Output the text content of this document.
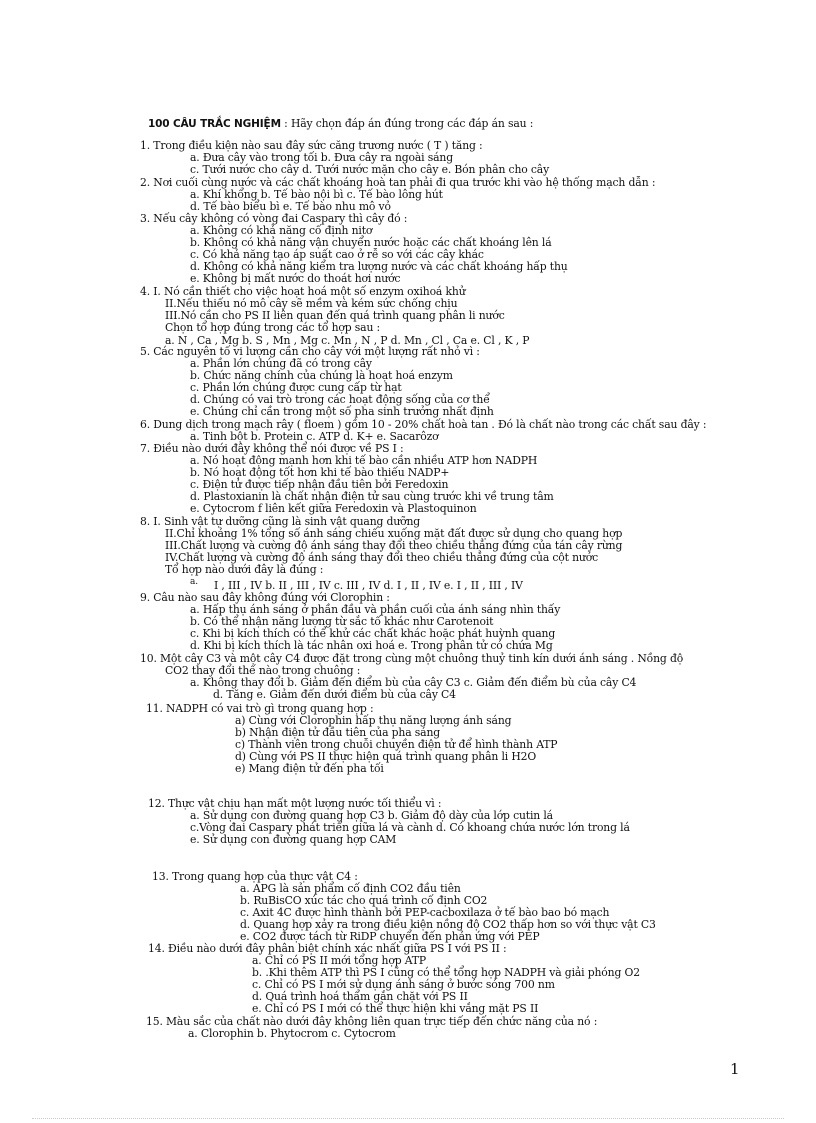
100 CÂU TRẮC NGHIỆM : Hãy chọn đáp án đúng trong các đáp án sau :
1. Trong điều kiện nào sau đây sức căng trương nước ( T ) tăng :
a. Đưa cây vào trong tối b. Đưa cây ra ngoài sáng
c. Tưới nước cho cây d. Tưới nước mặn cho cây e. Bón phân cho cây
2. Nơi cuối cùng nước và các chất khoáng hoà tan phải đi qua trước khi vào hệ thống mạch dẫn :
a. Khí khổng b. Tế bào nội bì c. Tế bào lông hút
d. Tế bào biểu bì e. Tế bào nhu mô vỏ
3. Nếu cây không có vòng đai Caspary thì cây đó :
a. Không có khả năng cố định nitơ
b. Không có khả năng vận chuyển nước hoặc các chất khoáng lên lá
c. Có khả năng tạo áp suất cao ở rễ so với các cây khác
d. Không có khả năng kiểm tra lượng nước và các chất khoáng hấp thụ
e. Không bị mất nước do thoát hơi nước
4. I. Nó cần thiết cho việc hoạt hoá một số enzym oxihoá khử
II.Nếu thiếu nó mô cây sẽ mềm và kém sức chống chịu
III.Nó cần cho PS II liên quan đến quá trình quang phân li nước
Chọn tổ hợp đúng trong các tổ hợp sau :
a. N , Ca , Mg b. S , Mn , Mg c. Mn , N , P d. Mn , Cl , Ca e. Cl , K , P
5. Các nguyên tố vi lượng cần cho cây với một lượng rất nhỏ vì :
a. Phần lớn chúng đã có trong cây
b. Chức năng chính của chúng là hoạt hoá enzym
c. Phần lớn chúng được cung cấp từ hạt
d. Chúng có vai trò trong các hoạt động sống của cơ thể
e. Chúng chỉ cần trong một số pha sinh trưởng nhất định
6. Dung dịch trong mạch rây ( floem ) gồm 10 - 20% chất hoà tan . Đó là chất nào trong các chất sau đây :
a. Tinh bột b. Protein c. ATP d. K+ e. Sacarôzơ
7. Điều nào dưới đây không thể nói được về PS I :
a. Nó hoạt động mạnh hơn khi tế bào cần nhiều ATP hơn NADPH
b. Nó hoạt động tốt hơn khi tế bào thiếu NADP+
c. Điện tử được tiếp nhận đầu tiên bởi Feredoxin
d. Plastoxianin là chất nhận điện tử sau cùng trước khi về trung tâm
e. Cytocrom f liên kết giữa Feredoxin và Plastoquinon
8. I. Sinh vật tự dưỡng cũng là sinh vật quang dưỡng
II.Chỉ khoảng 1% tổng số ánh sáng chiếu xuống mặt đất được sử dụng cho quang hợp
III.Chất lượng và cường độ ánh sáng thay đổi theo chiều thẳng đứng của tán cây rừng
IV.Chất lượng và cường độ ánh sáng thay đổi theo chiều thẳng đứng của cột nước
Tổ hợp nào dưới đây là đúng :
a. I , III , IV b. II , III , IV c. III , IV d. I , II , IV e. I , II , III , IV
9. Câu nào sau đây không đúng với Clorophin :
a. Hấp thụ ánh sáng ở phần đầu và phần cuối của ánh sáng nhìn thấy
b. Có thể nhận năng lượng từ sắc tố khác như Carotenoit
c. Khi bị kích thích có thể khử các chất khác hoặc phát huỳnh quang
d. Khi bị kích thích là tác nhân oxi hoá e. Trong phân tử có chứa Mg
10. Một cây C3 và một cây C4 được đặt trong cùng một chuông thuỷ tinh kín dưới ánh sáng . Nồng độ
CO2 thay đổi thế nào trong chuông :
a. Không thay đổi b. Giảm đến điểm bù của cây C3 c. Giảm đến điểm bù của cây C4
d. Tăng e. Giảm đến dưới điểm bù của cây C4
11. NADPH có vai trò gì trong quang hợp :
a) Cùng với Clorophin hấp thụ năng lượng ánh sáng
b) Nhận điện tử đầu tiên của pha sáng
c) Thành viên trong chuỗi chuyền điện tử để hình thành ATP
d) Cùng với PS II thực hiện quá trình quang phân li H2O
e) Mang điện tử đến pha tối
12. Thực vật chịu hạn mất một lượng nước tối thiểu vì :
a. Sử dụng con đường quang hợp C3 b. Giảm độ dày của lớp cutin lá
c.Vòng đai Caspary phát triển giữa lá và cành d. Có khoang chứa nước lớn trong lá
e. Sử dụng con đường quang hợp CAM
13. Trong quang hợp của thực vật C4 :
a. APG là sản phẩm cố định CO2 đầu tiên
b. RuBisCO xúc tác cho quá trình cố định CO2
c. Axit 4C được hình thành bởi PEP-cacboxilaza ở tế bào bao bó mạch
d. Quang hợp xảy ra trong điều kiện nồng độ CO2 thấp hơn so với thực vật C3
e. CO2 được tách từ RiDP chuyển đến phản ứng với PEP
14. Điều nào dưới đây phân biệt chính xác nhất giữa PS I với PS II :
a. Chỉ có PS II mới tổng hợp ATP
b. .Khi thêm ATP thì PS I cũng có thể tổng hợp NADPH và giải phóng O2
c. Chỉ có PS I mới sử dụng ánh sáng ở bước sóng 700 nm
d. Quá trình hoá thẩm gắn chặt với PS II
e. Chỉ có PS I mới có thể thực hiện khi vắng mặt PS II
15. Màu sắc của chất nào dưới đây không liên quan trực tiếp đến chức năng của nó :
a. Clorophin b. Phytocrom c. Cytocrom
1
